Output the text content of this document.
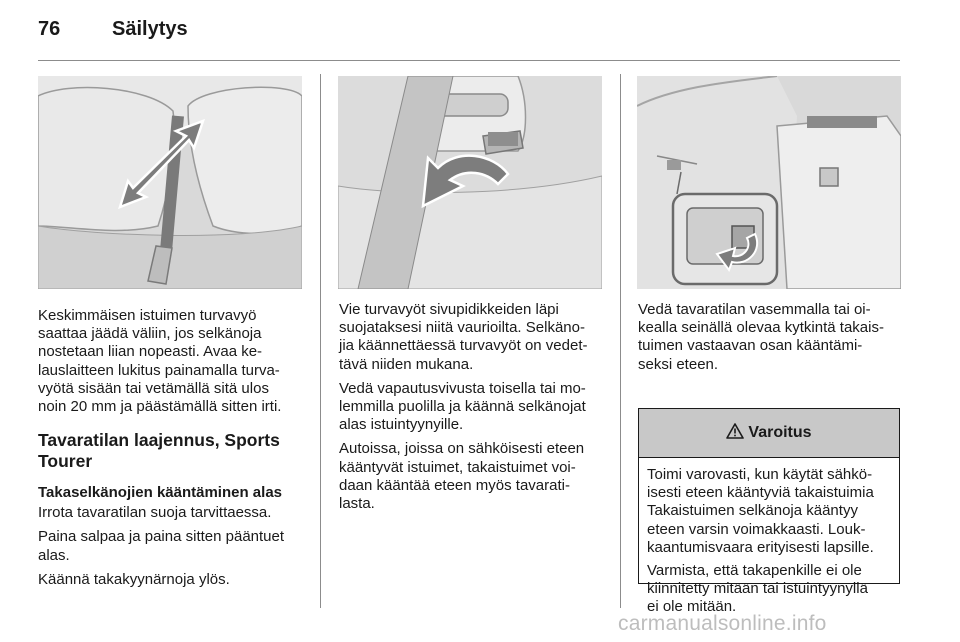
76	Säilytys

Keskimmäisen istuimen turvavyö
saattaa jäädä väliin, jos selkänoja
nostetaan liian nopeasti. Avaa ke-
lauslaitteen lukitus painamalla turva-
vyötä sisään tai vetämällä sitä ulos
noin 20 mm ja päästämällä sitten irti.

Tavaratilan laajennus, Sports
Tourer
Takaselkänojien kääntäminen alas

Irrota tavaratilan suoja tarvittaessa.

Paina salpaa ja paina sitten pääntuet
alas.

Käännä takakyynärnoja ylös.

Vie turvavyöt sivupidikkeiden läpi
suojataksesi niitä vaurioilta. Selkäno-
jia käännettäessä turvavyöt on vedet-
tävä niiden mukana.

Vedä vapautusvivusta toisella tai mo-
lemmilla puolilla ja käännä selkänojat
alas istuintyynyille.

Autoissa, joissa on sähköisesti eteen
kääntyvät istuimet, takaistuimet voi-
daan kääntää eteen myös tavarati-
lasta.

Vedä tavaratilan vasemmalla tai oi-
kealla seinällä olevaa kytkintä takais-
tuimen vastaavan osan kääntämi-
seksi eteen.

Varoitus

Toimi varovasti, kun käytät sähkö-
isesti eteen kääntyviä takaistuimia
Takaistuimen selkänoja kääntyy
eteen varsin voimakkaasti. Louk-
kaantumisvaara erityisesti lapsille.

Varmista, että takapenkille ei ole
kiinnitetty mitään tai istuintyynyllä
ei ole mitään.

carmanualsonline.info
